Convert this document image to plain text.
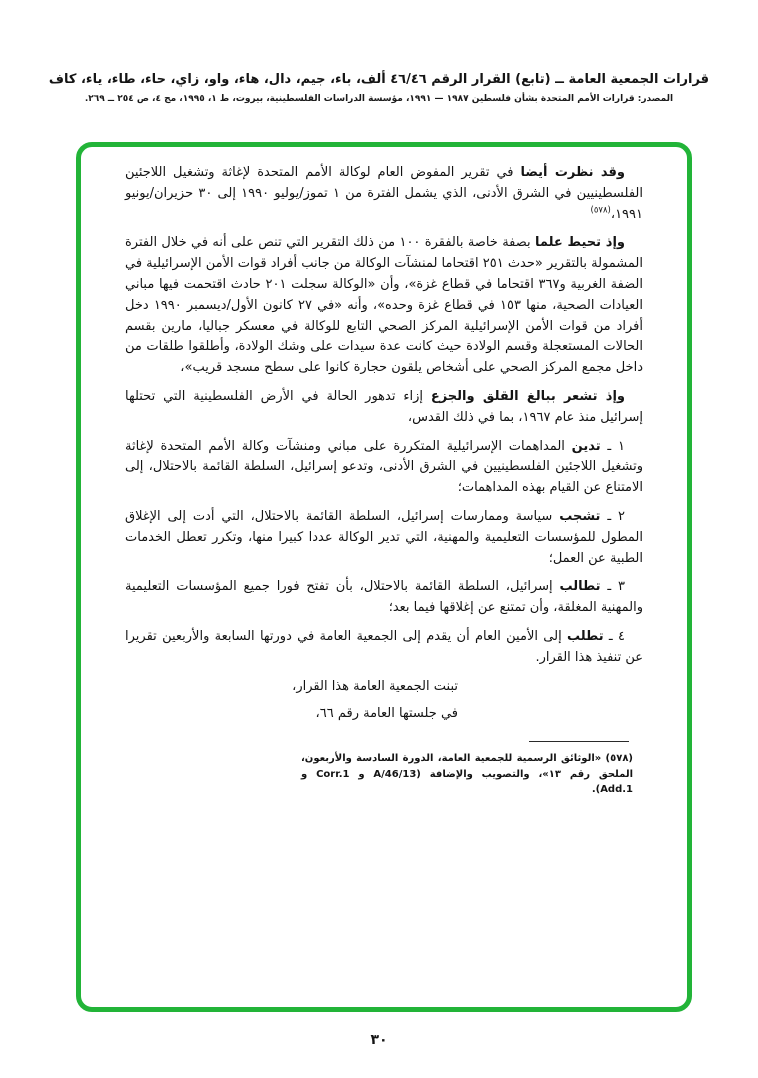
قرارات الجمعية العامة ــ (تابع) القرار الرقم ٤٦/٤٦ ألف، باء، جيم، دال، هاء، واو، زاي، حاء، طاء، ياء، كاف
المصدر: قرارات الأمم المتحدة بشأن فلسطين ١٩٨٧ — ١٩٩١، مؤسسة الدراسات الفلسطينية، بيروت، ط ١، ١٩٩٥، مج ٤، ص ٢٥٤ ــ ٢٦٩.

وقد نظرت أيضا في تقرير المفوض العام لوكالة الأمم المتحدة لإغاثة وتشغيل اللاجئين الفلسطينيين في الشرق الأدنى، الذي يشمل الفترة من ١ تموز/يوليو ١٩٩٠ إلى ٣٠ حزيران/يونيو ١٩٩١،$^{(٥٧٨)}$

وإذ تحيط علما بصفة خاصة بالفقرة ١٠٠ من ذلك التقرير التي تنص على أنه في خلال الفترة المشمولة بالتقرير «حدث ٢٥١ اقتحاما لمنشآت الوكالة من جانب أفراد قوات الأمن الإسرائيلية في الضفة الغربية و٣٦٧ اقتحاما في قطاع غزة»، وأن «الوكالة سجلت ٢٠١ حادث اقتحمت فيها مباني العيادات الصحية، منها ١٥٣ في قطاع غزة وحده»، وأنه «في ٢٧ كانون الأول/ديسمبر ١٩٩٠ دخل أفراد من قوات الأمن الإسرائيلية المركز الصحي التابع للوكالة في معسكر جباليا، مارين بقسم الحالات المستعجلة وقسم الولادة حيث كانت عدة سيدات على وشك الولادة، وأطلقوا طلقات من داخل مجمع المركز الصحي على أشخاص يلقون حجارة كانوا على سطح مسجد قريب»،

وإذ تشعر ببالغ القلق والجزع إزاء تدهور الحالة في الأرض الفلسطينية التي تحتلها إسرائيل منذ عام ١٩٦٧، بما في ذلك القدس،

١ ـ تدين المداهمات الإسرائيلية المتكررة على مباني ومنشآت وكالة الأمم المتحدة لإغاثة وتشغيل اللاجئين الفلسطينيين في الشرق الأدنى، وتدعو إسرائيل، السلطة القائمة بالاحتلال، إلى الامتناع عن القيام بهذه المداهمات؛

٢ ـ تشجب سياسة وممارسات إسرائيل، السلطة القائمة بالاحتلال، التي أدت إلى الإغلاق المطول للمؤسسات التعليمية والمهنية، التي تدير الوكالة عددا كبيرا منها، وتكرر تعطل الخدمات الطبية عن العمل؛

٣ ـ تطالب إسرائيل، السلطة القائمة بالاحتلال، بأن تفتح فورا جميع المؤسسات التعليمية والمهنية المغلقة، وأن تمتنع عن إغلاقها فيما بعد؛

٤ ـ تطلب إلى الأمين العام أن يقدم إلى الجمعية العامة في دورتها السابعة والأربعين تقريرا عن تنفيذ هذا القرار.

تبنت الجمعية العامة هذا القرار،

في جلستها العامة رقم ٦٦،

(٥٧٨) «الوثائق الرسمية للجمعية العامة، الدورة السادسة والأربعون، الملحق رقم ١٣»، والتصويب والإضافة (A/46/13 و Corr.1 و Add.1).

٣٠
